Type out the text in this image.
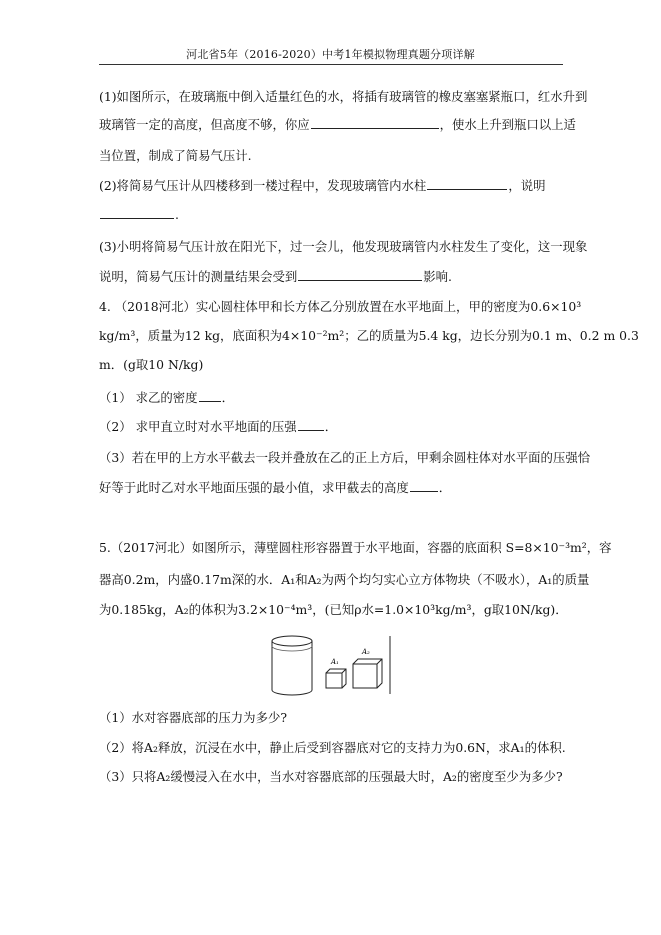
河北省5年（2016-2020）中考1年模拟物理真题分项详解
(1)如图所示，在玻璃瓶中倒入适量红色的水，将插有玻璃管的橡皮塞塞紧瓶口，红水升到
玻璃管一定的高度，但高度不够，你应	，使水上升到瓶口以上适
当位置，制成了简易气压计.
(2)将简易气压计从四楼移到一楼过程中，发现玻璃管内水柱	，说明
.
(3)小明将简易气压计放在阳光下，过一会儿，他发现玻璃管内水柱发生了变化，这一现象
说明，简易气压计的测量结果会受到	影响.
4. （2018河北）实心圆柱体甲和长方体乙分别放置在水平地面上，甲的密度为0.6×10³
kg/m³，质量为12 kg，底面积为4×10⁻²m²；乙的质量为5.4 kg，边长分别为0.1 m、0.2 m 0.3
m．(g取10 N/kg)
（1） 求乙的密度 ．
（2） 求甲直立时对水平地面的压强 ．
（3）若在甲的上方水平截去一段并叠放在乙的正上方后，甲剩余圆柱体对水平面的压强恰
好等于此时乙对水平地面压强的最小值，求甲截去的高度 ．
5.（2017河北）如图所示，薄壁圆柱形容器置于水平地面，容器的底面积 S=8×10⁻³m²，容
器高0.2m，内盛0.17m深的水．A₁和A₂为两个均匀实心立方体物块（不吸水），A₁的质量
为0.185kg，A₂的体积为3.2×10⁻⁴m³，(已知ρ水=1.0×10³kg/m³，g取10N/kg)．
（1）水对容器底部的压力为多少?
（2）将A₂释放，沉浸在水中，静止后受到容器底对它的支持力为0.6N，求A₁的体积.
（3）只将A₂缓慢浸入在水中，当水对容器底部的压强最大时，A₂的密度至少为多少?
A₁
A₂
